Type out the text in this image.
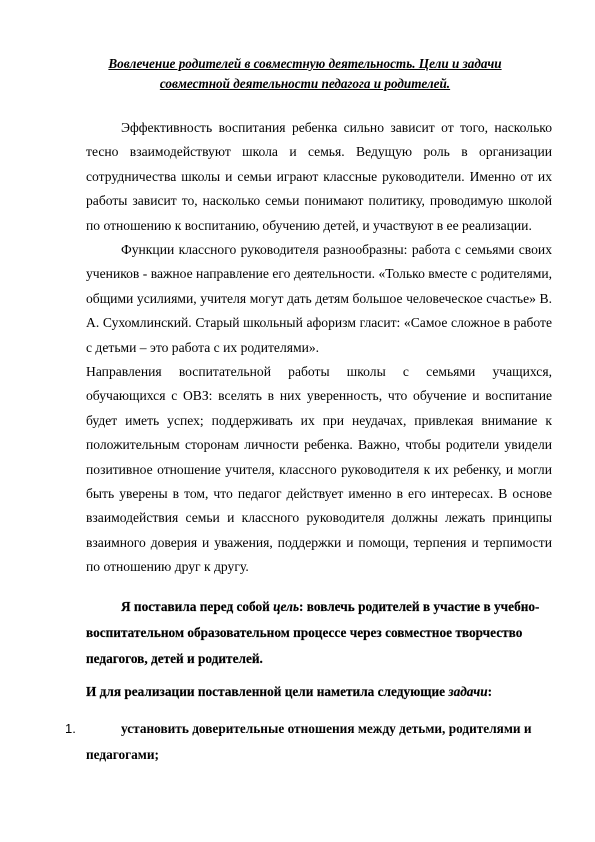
Вовлечение родителей в совместную деятельность. Цели и задачи
совместной деятельности педагога и родителей.

Эффективность воспитания ребенка сильно зависит от того, насколько тесно взаимодействуют школа и семья. Ведущую роль в организации сотрудничества школы и семьи играют классные руководители. Именно от их работы зависит то, насколько семьи понимают политику, проводимую школой по отношению к воспитанию, обучению детей, и участвуют в ее реализации.

Функции классного руководителя разнообразны: работа с семьями своих учеников - важное направление его деятельности. «Только вместе с родителями, общими усилиями, учителя могут дать детям большое человеческое счастье» В. А. Сухомлинский. Старый школьный афоризм гласит: «Самое сложное в работе с детьми – это работа с их родителями».

Направления воспитательной работы школы с семьями учащихся, обучающихся с ОВЗ: вселять в них уверенность, что обучение и воспитание будет иметь успех; поддерживать их при неудачах, привлекая внимание к положительным сторонам личности ребенка. Важно, чтобы родители увидели позитивное отношение учителя, классного руководителя к их ребенку, и могли быть уверены в том, что педагог действует именно в его интересах. В основе взаимодействия семьи и классного руководителя должны лежать принципы взаимного доверия и уважения, поддержки и помощи, терпения и терпимости по отношению друг к другу.

Я поставила перед собой цель: вовлечь родителей в участие в учебно-воспитательном образовательном процессе через совместное творчество педагогов, детей и родителей.

И для реализации поставленной цели наметила следующие задачи:

1.	установить доверительные отношения между детьми, родителями и педагогами;
